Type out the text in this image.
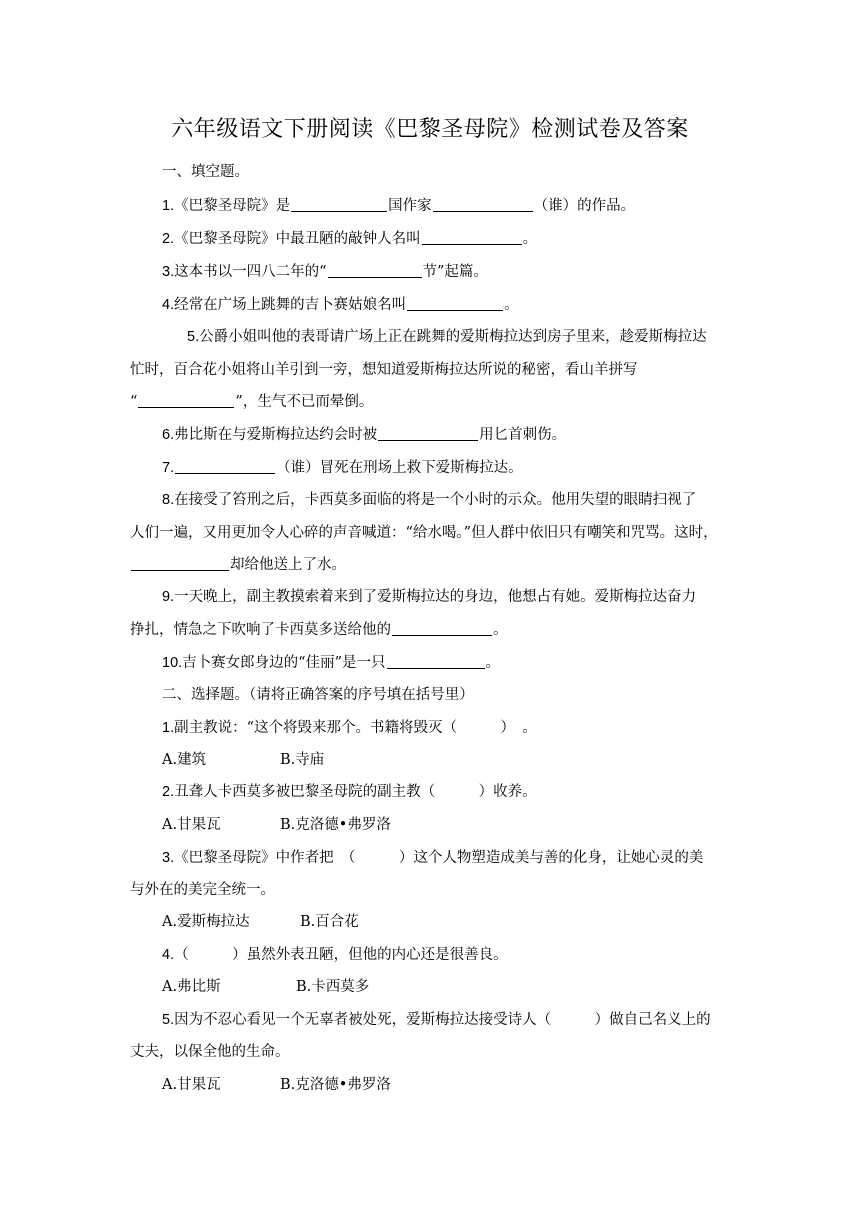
六年级语文下册阅读《巴黎圣母院》检测试卷及答案
一、填空题。
1.《巴黎圣母院》是	国作家	（谁）的作品。
2.《巴黎圣母院》中最丑陋的敲钟人名叫	。
3.这本书以一四八二年的“	节”起篇。
4.经常在广场上跳舞的吉卜赛姑娘名叫	。
5.公爵小姐叫他的表哥请广场上正在跳舞的爱斯梅拉达到房子里来，趁爱斯梅拉达
忙时，百合花小姐将山羊引到一旁，想知道爱斯梅拉达所说的秘密，看山羊拼写
“	”，生气不已而晕倒。
6.弗比斯在与爱斯梅拉达约会时被	用匕首刺伤。
7.	（谁）冒死在刑场上救下爱斯梅拉达。
8.在接受了笞刑之后，卡西莫多面临的将是一个小时的示众。他用失望的眼睛扫视了
人们一遍，又用更加令人心碎的声音喊道：“给水喝。”但人群中依旧只有嘲笑和咒骂。这时，
却给他送上了水。
9.一天晚上，副主教摸索着来到了爱斯梅拉达的身边，他想占有她。爱斯梅拉达奋力
挣扎，情急之下吹响了卡西莫多送给他的	。
10.吉卜赛女郎身边的“佳丽”是一只	。
二、选择题。（请将正确答案的序号填在括号里）
1.副主教说：“这个将毁来那个。书籍将毁灭（　　　）　。
A.建筑	B.寺庙
2.丑聋人卡西莫多被巴黎圣母院的副主教（　　　）收养。
A.甘果瓦	B.克洛德•弗罗洛
3.《巴黎圣母院》中作者把　（　　　）这个人物塑造成美与善的化身，让她心灵的美
与外在的美完全统一。
A.爱斯梅拉达	B.百合花
4.（　　　）虽然外表丑陋，但他的内心还是很善良。
A.弗比斯	B.卡西莫多
5.因为不忍心看见一个无辜者被处死，爱斯梅拉达接受诗人（　　　）做自己名义上的
丈夫，以保全他的生命。
A.甘果瓦	B.克洛德•弗罗洛
